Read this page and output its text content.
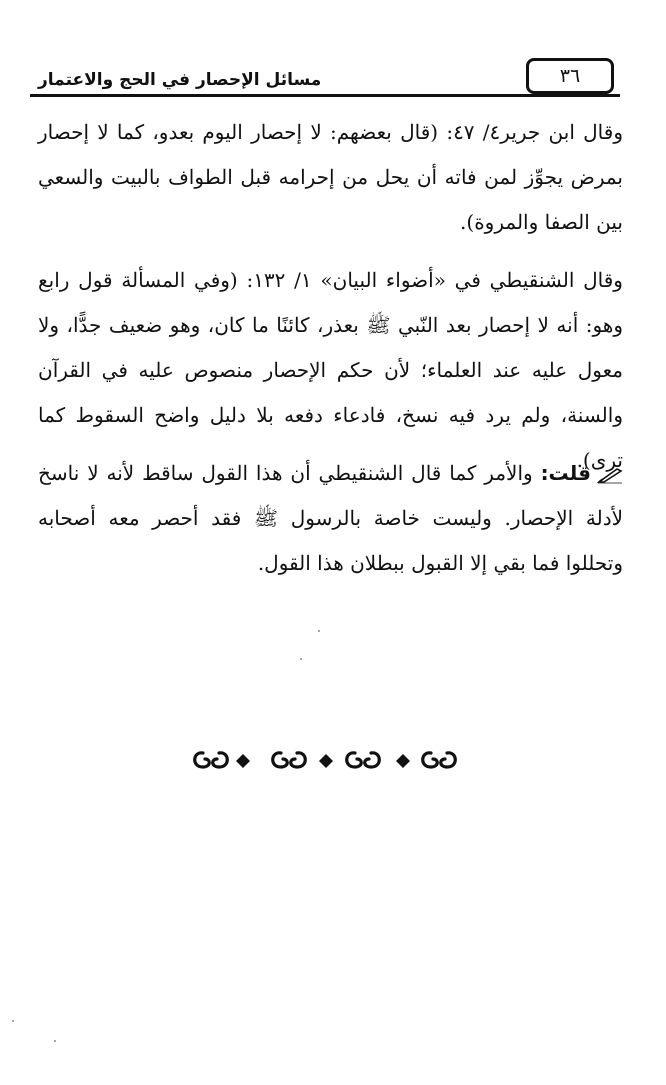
مسائل الإحصار في الحج والاعتمار	٣٦

وقال ابن جرير٤/ ٤٧: (قال بعضهم: لا إحصار اليوم بعدو، كما لا إحصار بمرض يجوِّز لمن فاته أن يحل من إحرامه قبل الطواف بالبيت والسعي بين الصفا والمروة).

وقال الشنقيطي في «أضواء البيان» ١/ ١٣٢: (وفي المسألة قول رابع وهو: أنه لا إحصار بعد النّبي ﷺ بعذر، كائنًا ما كان، وهو ضعيف جدًّا، ولا معول عليه عند العلماء؛ لأن حكم الإحصار منصوص عليه في القرآن والسنة، ولم يرد فيه نسخ، فادعاء دفعه بلا دليل واضح السقوط كما ترى).

قلت: والأمر كما قال الشنقيطي أن هذا القول ساقط لأنه لا ناسخ لأدلة الإحصار. وليست خاصة بالرسول ﷺ فقد أحصر معه أصحابه وتحللوا فما بقي إلا القبول ببطلان هذا القول.
